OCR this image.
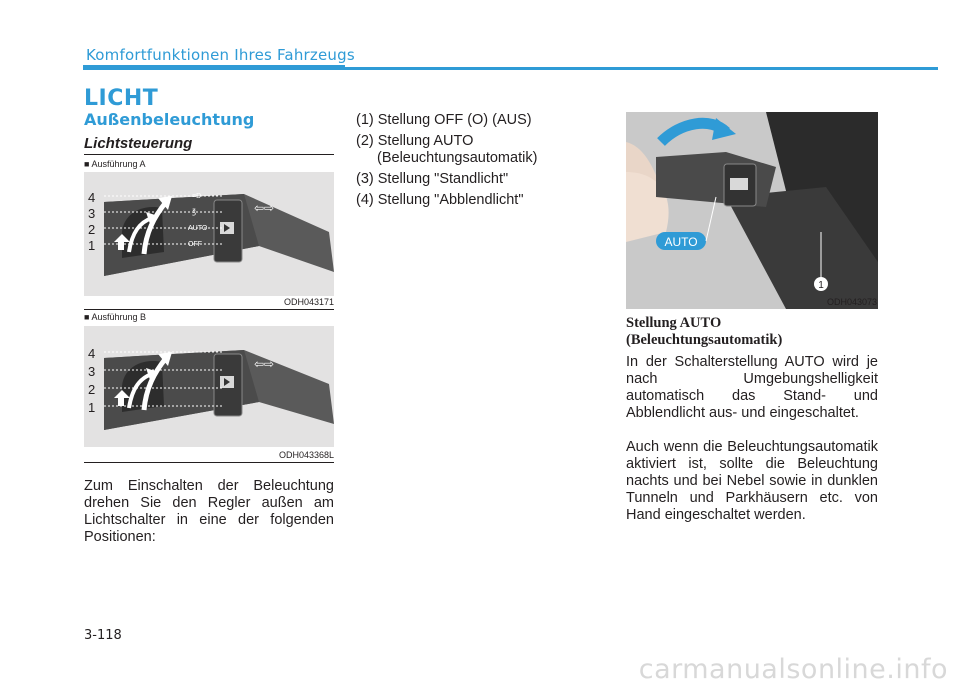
Komfortfunktionen Ihres Fahrzeugs
LICHT
Außenbeleuchtung
Lichtsteuerung
■ Ausführung A
4
3
2
1
≡D
℥
AUTO
OFF
⇦⇨
ODH043171
■ Ausführung B
4
3
2
1
⇦⇨
ODH043368L
Zum Einschalten der Beleuchtung drehen Sie den Regler außen am Lichtschalter in eine der folgenden Positionen:
(1) Stellung OFF (O) (AUS)
(2) Stellung AUTO
(Beleuchtungsautomatik)
(3) Stellung "Standlicht"
(4) Stellung "Abblendlicht"
AUTO
1
ODH043073
Stellung AUTO
(Beleuchtungsautomatik)
In der Schalterstellung AUTO wird je nach Umgebungshelligkeit automatisch das Stand- und Abblendlicht aus- und eingeschaltet.
Auch wenn die Beleuchtungsautomatik aktiviert ist, sollte die Beleuchtung nachts und bei Nebel sowie in dunklen Tunneln und Parkhäusern etc. von Hand eingeschaltet werden.
3-118
carmanualsonline.info
